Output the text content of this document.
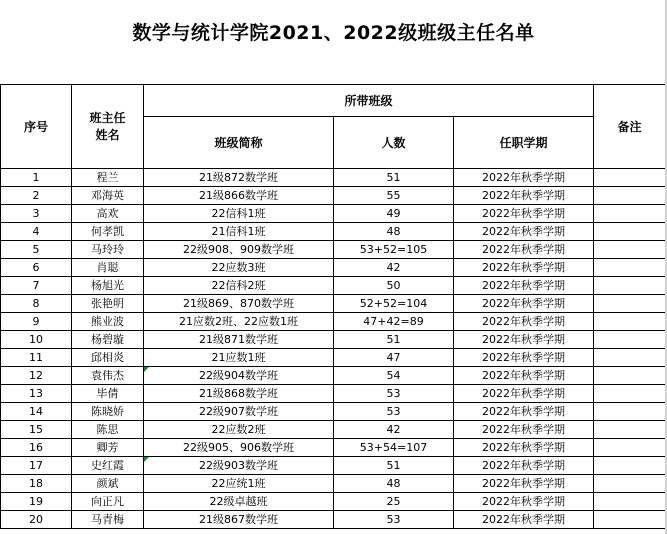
数学与统计学院2021、2022级班级主任名单
序号	班主任姓名	所带班级			备注
		班级简称	人数	任职学期	
1	程兰	21级872数学班	51	2022年秋季学期	
2	邓海英	21级866数学班	55	2022年秋季学期	
3	高欢	22信科1班	49	2022年秋季学期	
4	何孝凯	21信科1班	48	2022年秋季学期	
5	马玲玲	22级908、909数学班	53+52=105	2022年秋季学期	
6	肖聪	22应数3班	42	2022年秋季学期	
7	杨旭光	22信科2班	50	2022年秋季学期	
8	张艳明	21级869、870数学班	52+52=104	2022年秋季学期	
9	熊业波	21应数2班、22应数1班	47+42=89	2022年秋季学期	
10	杨碧璇	21级871数学班	51	2022年秋季学期	
11	邱相炎	21应数1班	47	2022年秋季学期	
12	袁伟杰	22级904数学班	54	2022年秋季学期	
13	毕倩	21级868数学班	53	2022年秋季学期	
14	陈晓娇	22级907数学班	53	2022年秋季学期	
15	陈思	22应数2班	42	2022年秋季学期	
16	卿芳	22级905、906数学班	53+54=107	2022年秋季学期	
17	史红霞	22级903数学班	51	2022年秋季学期	
18	颜斌	22应统1班	48	2022年秋季学期	
19	向正凡	22级卓越班	25	2022年秋季学期	
20	马青梅	21级867数学班	53	2022年秋季学期	
